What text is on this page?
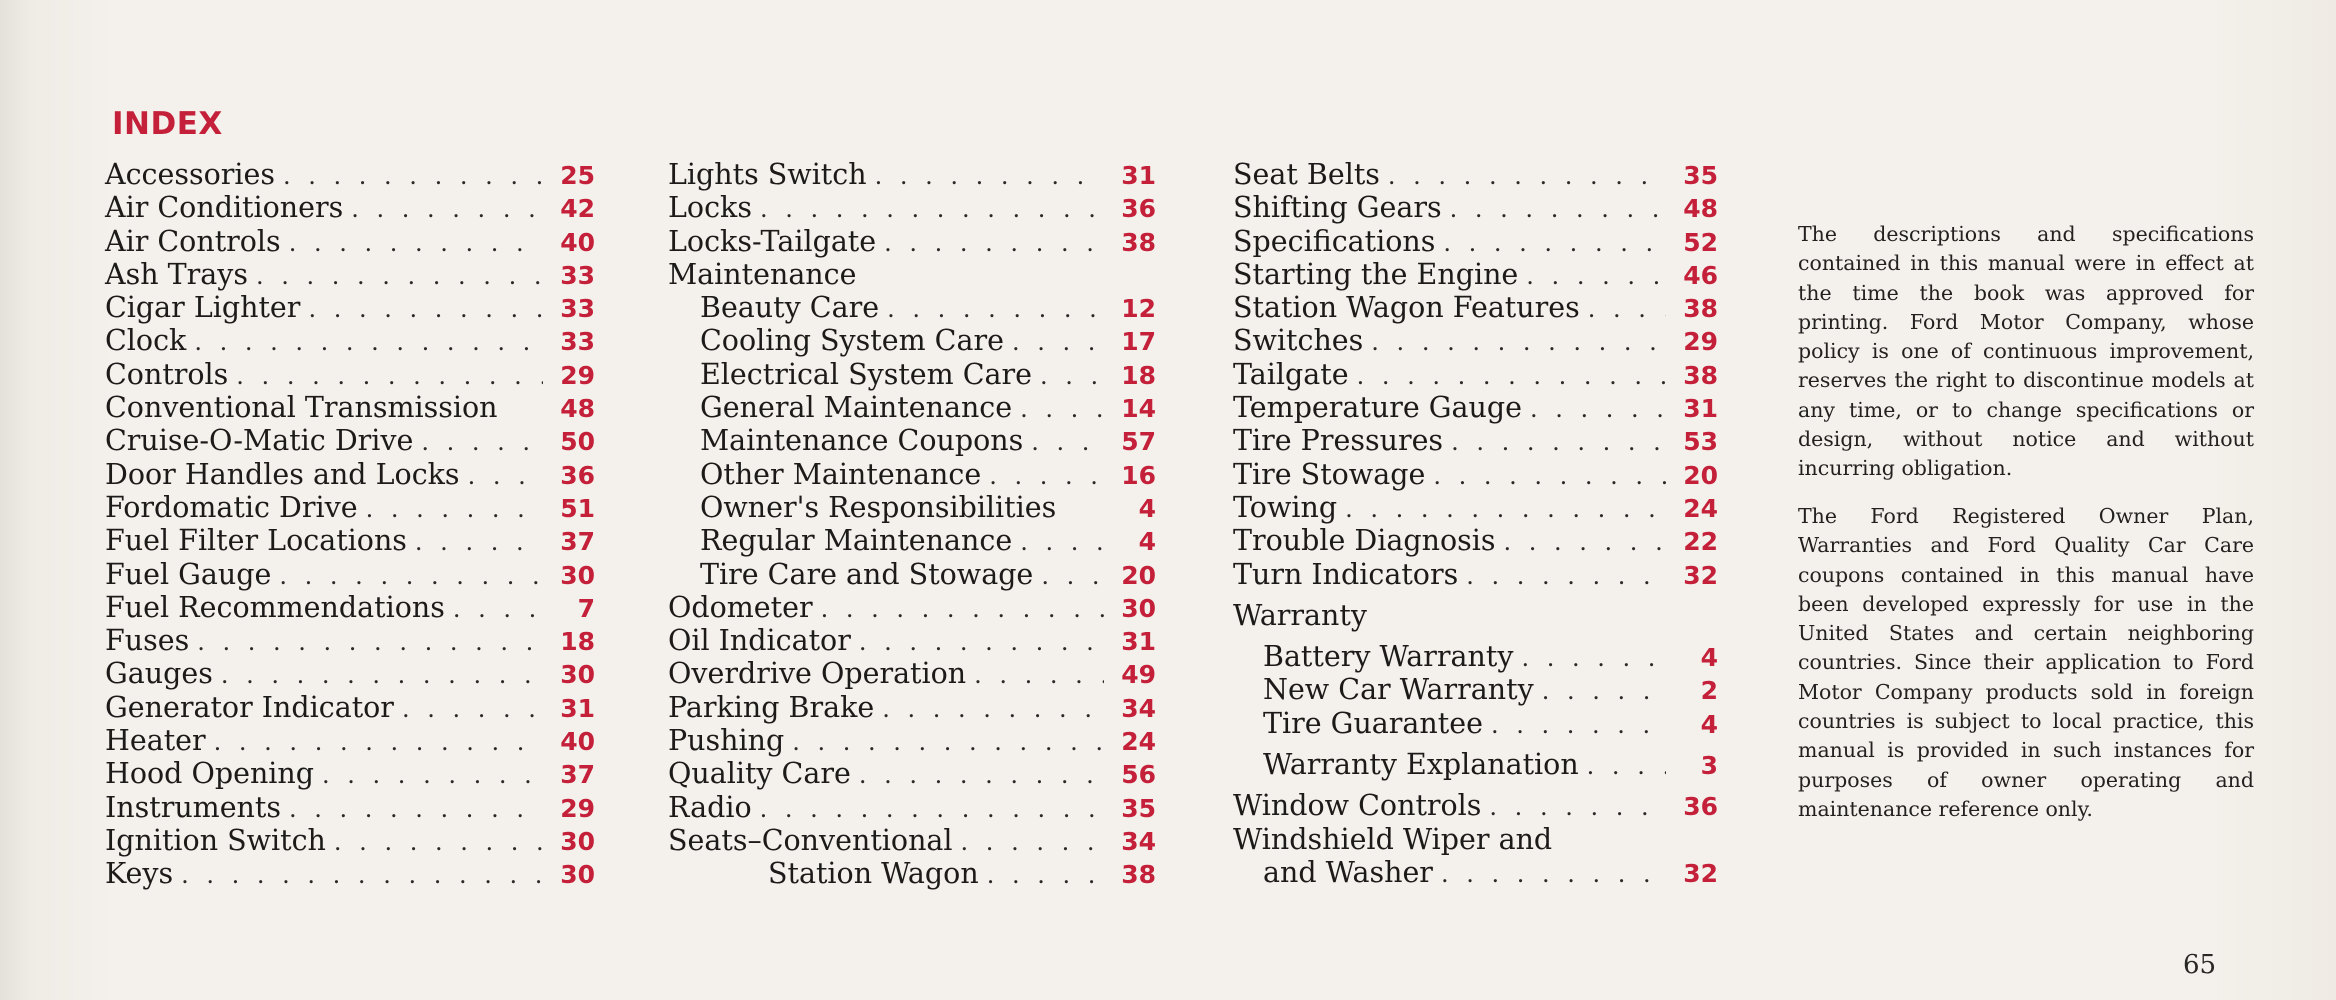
INDEX
Accessories . . .	25
Air Conditioners . . .	42
Air Controls . . .	40
Ash Trays . . .	33
Cigar Lighter . . .	33
Clock . . .	33
Controls . . .	29
Conventional Transmission	48
Cruise-O-Matic Drive . . .	50
Door Handles and Locks . . .	36
Fordomatic Drive . . .	51
Fuel Filter Locations . . .	37
Fuel Gauge . . .	30
Fuel Recommendations . . .	7
Fuses . . .	18
Gauges . . .	30
Generator Indicator . . .	31
Heater . . .	40
Hood Opening . . .	37
Instruments . . .	29
Ignition Switch . . .	30
Keys . . .	30
Lights Switch . . .	31
Locks . . .	36
Locks-Tailgate . . .	38
Maintenance
Beauty Care . . .	12
Cooling System Care . . .	17
Electrical System Care . . .	18
General Maintenance . . .	14
Maintenance Coupons . . .	57
Other Maintenance . . .	16
Owner's Responsibilities	4
Regular Maintenance . . .	4
Tire Care and Stowage . . .	20
Odometer . . .	30
Oil Indicator . . .	31
Overdrive Operation . . .	49
Parking Brake . . .	34
Pushing . . .	24
Quality Care . . .	56
Radio . . .	35
Seats–Conventional . . .	34
Station Wagon . . .	38
Seat Belts . . .	35
Shifting Gears . . .	48
Specifications . . .	52
Starting the Engine . . .	46
Station Wagon Features . . .	38
Switches . . .	29
Tailgate . . .	38
Temperature Gauge . . .	31
Tire Pressures . . .	53
Tire Stowage . . .	20
Towing . . .	24
Trouble Diagnosis . . .	22
Turn Indicators . . .	32
Warranty
Battery Warranty . . .	4
New Car Warranty . . .	2
Tire Guarantee . . .	4
Warranty Explanation . . .	3
Window Controls . . .	36
Windshield Wiper and
and Washer . . .	32
The descriptions and specifications contained in this manual were in effect at the time the book was approved for printing. Ford Motor Company, whose policy is one of continuous improvement, reserves the right to discontinue models at any time, or to change specifications or design, without notice and without incurring obligation.
The Ford Registered Owner Plan, Warranties and Ford Quality Car Care coupons contained in this manual have been developed expressly for use in the United States and certain neighboring countries. Since their application to Ford Motor Company products sold in foreign countries is subject to local practice, this manual is provided in such instances for purposes of owner operating and maintenance reference only.
65
